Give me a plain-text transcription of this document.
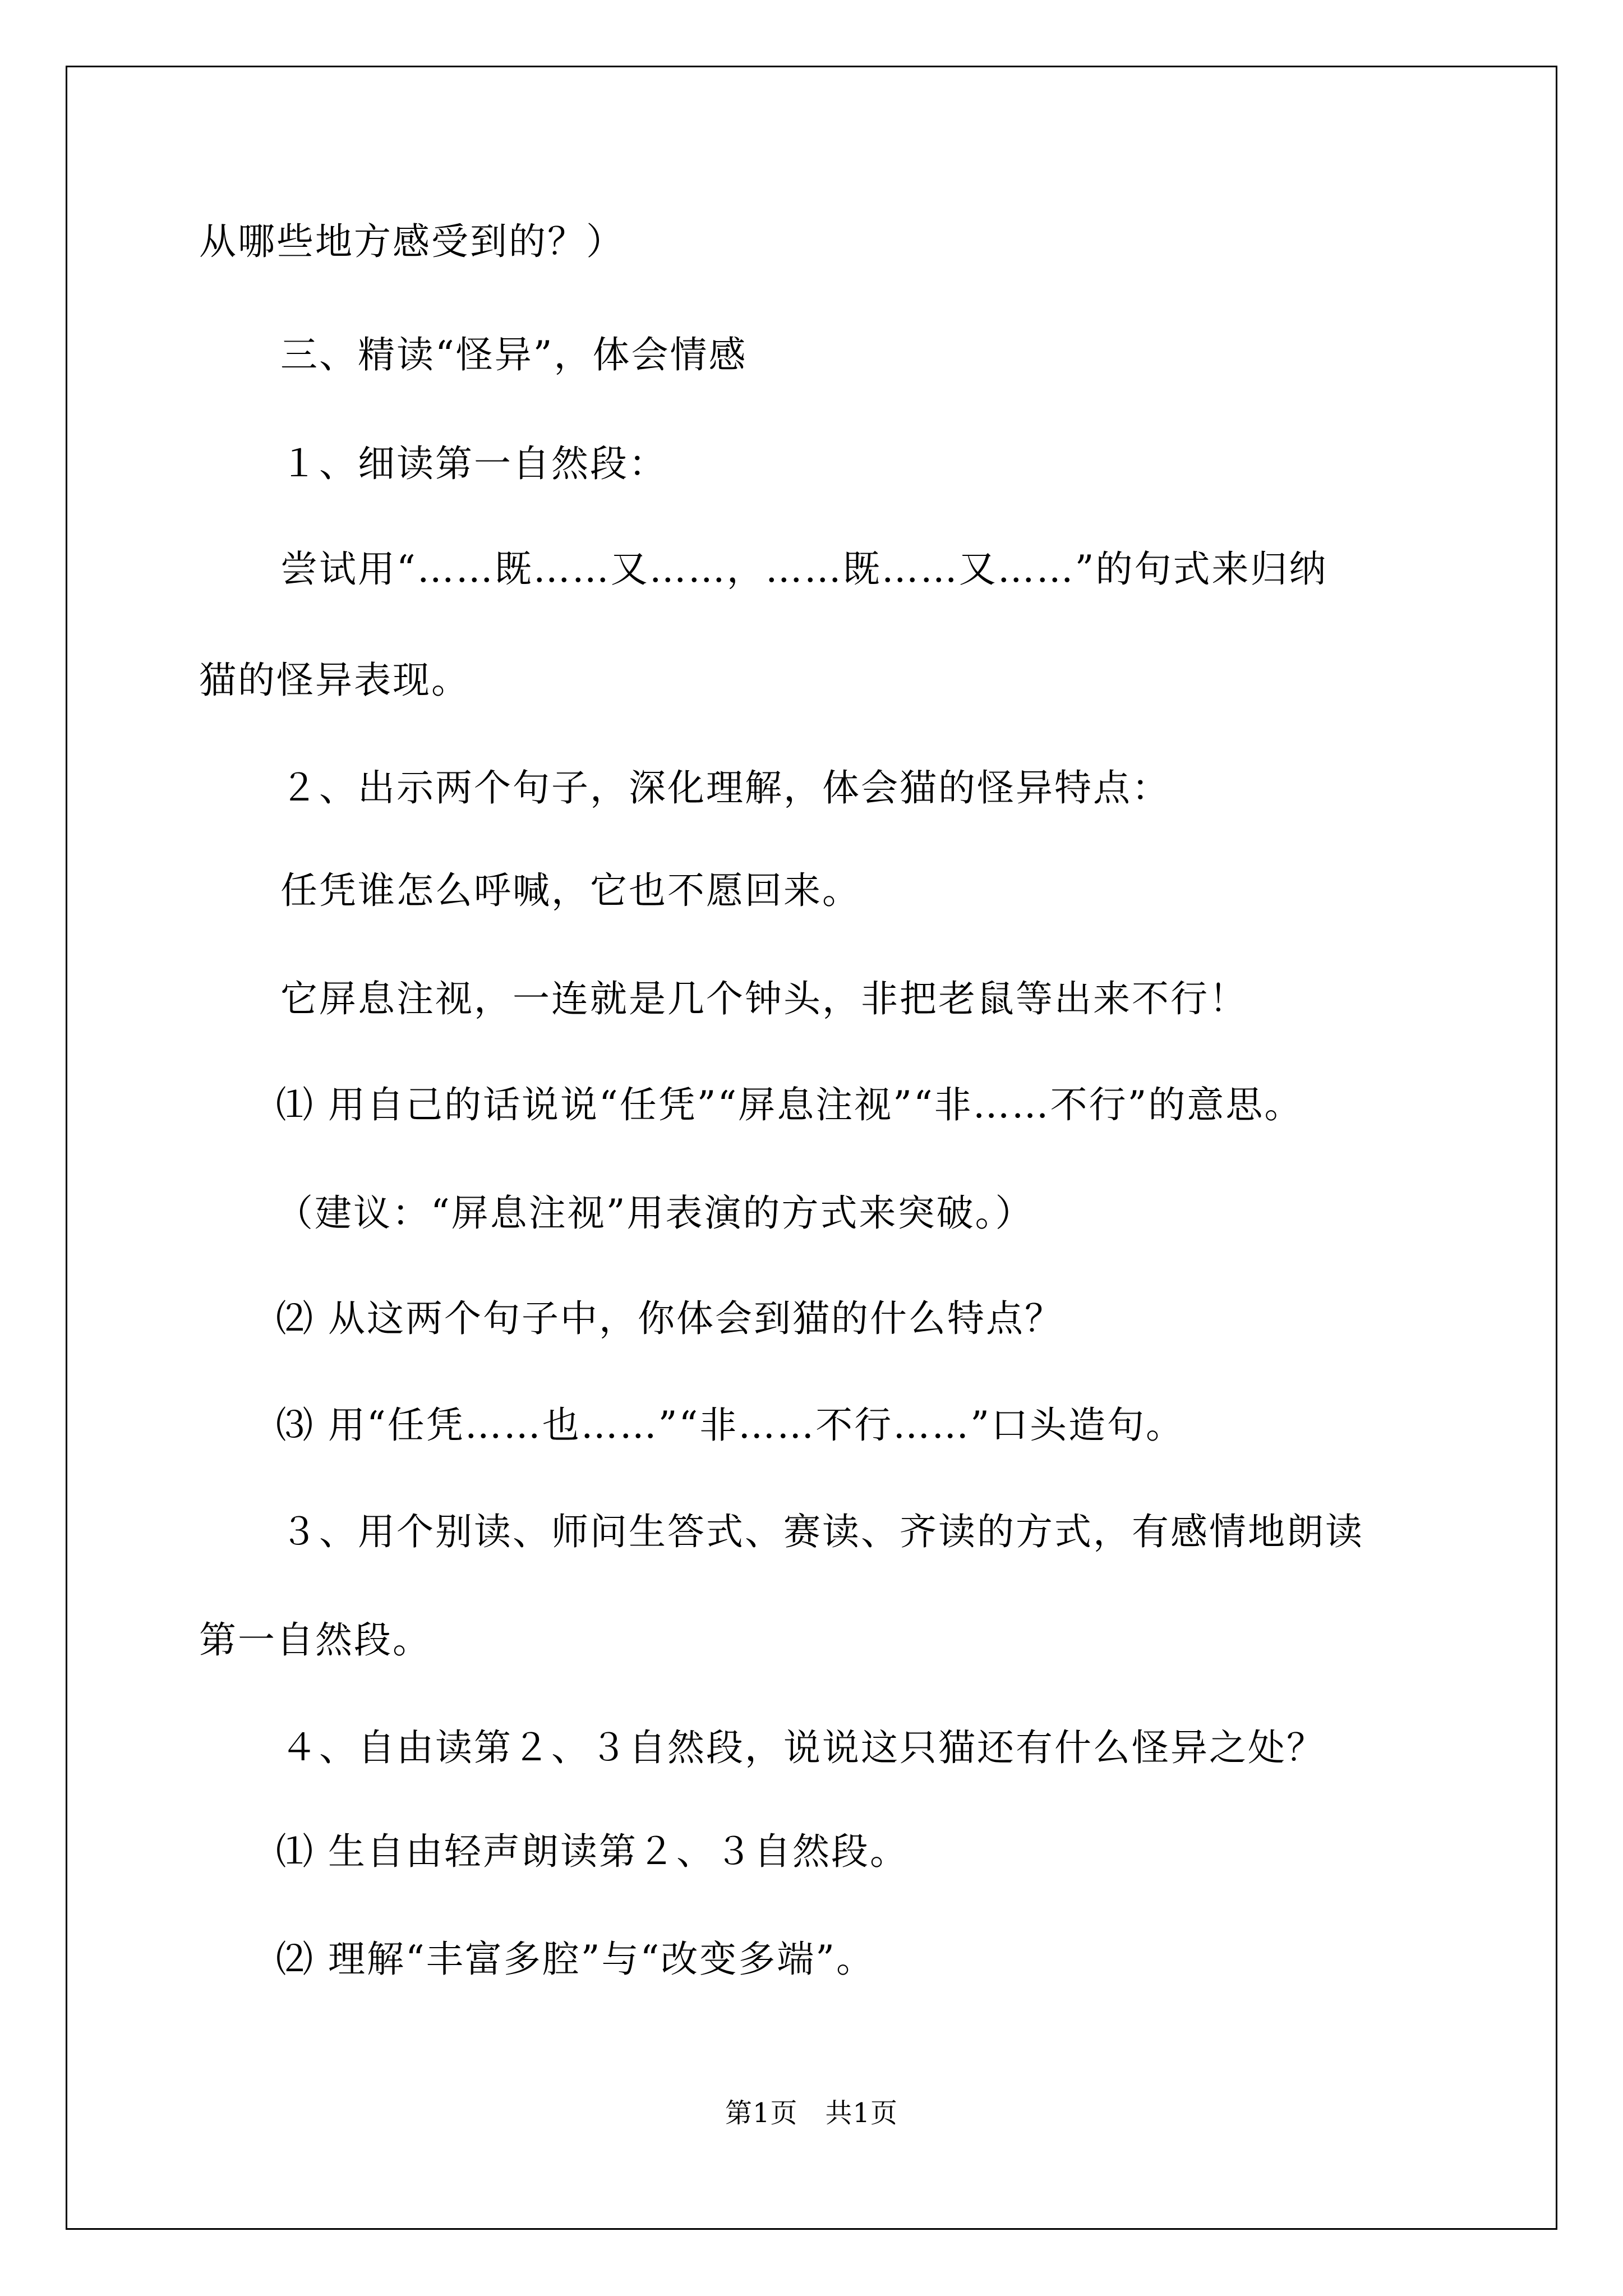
从哪些地方感受到的？）

三、精读“怪异”，体会情感

１、细读第一自然段：

尝试用“……既……又……，……既……又……”的句式来归纳

猫的怪异表现。

２、出示两个句子，深化理解，体会猫的怪异特点：

任凭谁怎么呼喊，它也不愿回来。

它屏息注视，一连就是几个钟头，非把老鼠等出来不行！

⑴ 用自己的话说说“任凭”“屏息注视”“非……不行”的意思。

（建议：“屏息注视”用表演的方式来突破。）

⑵ 从这两个句子中，你体会到猫的什么特点？

⑶ 用“任凭……也……”“非……不行……”口头造句。

３、用个别读、师问生答式、赛读、齐读的方式，有感情地朗读

第一自然段。

４、自由读第２、３自然段，说说这只猫还有什么怪异之处？

⑴ 生自由轻声朗读第２、３自然段。

⑵ 理解“丰富多腔”与“改变多端”。

第1页　共1页
